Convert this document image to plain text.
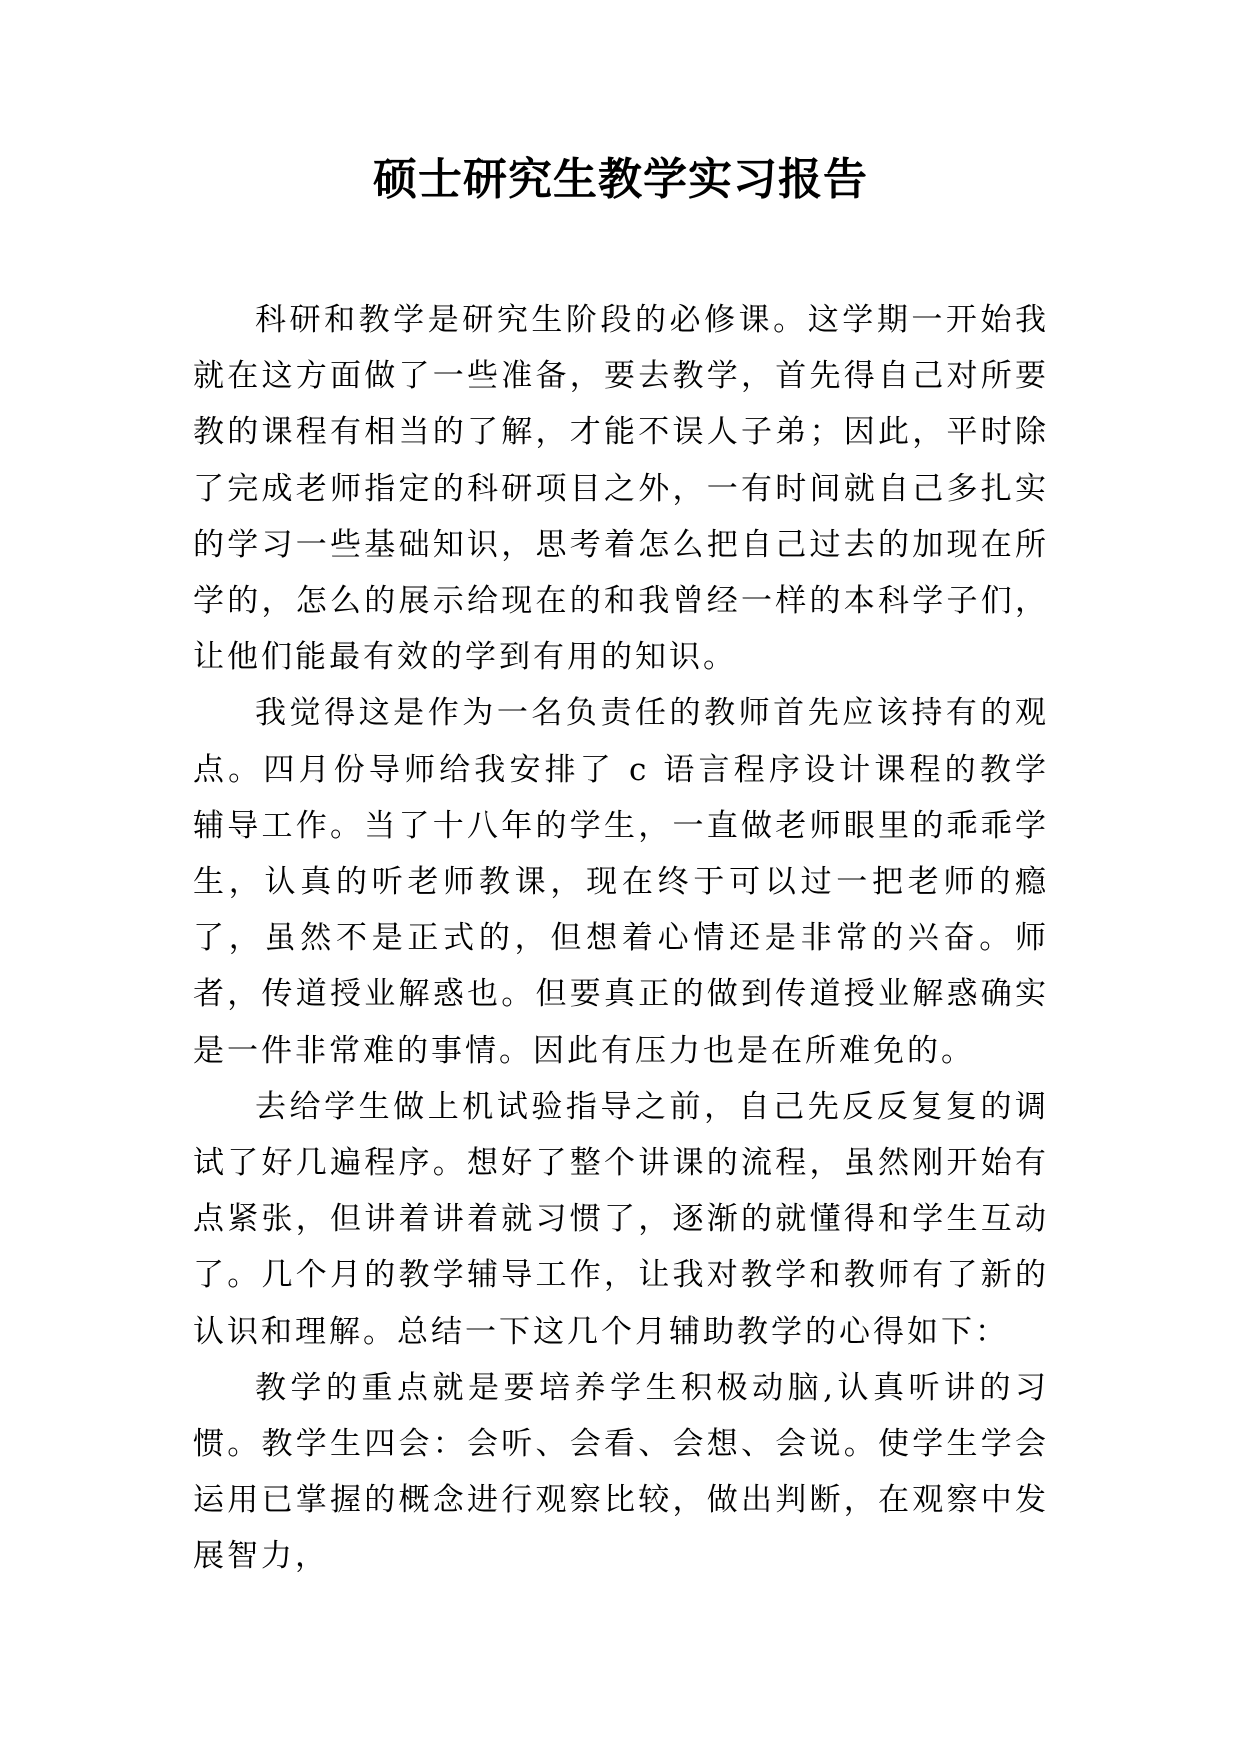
硕士研究生教学实习报告

科研和教学是研究生阶段的必修课。这学期一开始我就在这方面做了一些准备，要去教学，首先得自己对所要教的课程有相当的了解，才能不误人子弟；因此，平时除了完成老师指定的科研项目之外，一有时间就自己多扎实的学习一些基础知识，思考着怎么把自己过去的加现在所学的，怎么的展示给现在的和我曾经一样的本科学子们，让他们能最有效的学到有用的知识。

我觉得这是作为一名负责任的教师首先应该持有的观点。四月份导师给我安排了 c 语言程序设计课程的教学辅导工作。当了十八年的学生，一直做老师眼里的乖乖学生，认真的听老师教课，现在终于可以过一把老师的瘾了，虽然不是正式的，但想着心情还是非常的兴奋。师者，传道授业解惑也。但要真正的做到传道授业解惑确实是一件非常难的事情。因此有压力也是在所难免的。

去给学生做上机试验指导之前，自己先反反复复的调试了好几遍程序。想好了整个讲课的流程，虽然刚开始有点紧张，但讲着讲着就习惯了，逐渐的就懂得和学生互动了。几个月的教学辅导工作，让我对教学和教师有了新的认识和理解。总结一下这几个月辅助教学的心得如下：

教学的重点就是要培养学生积极动脑,认真听讲的习惯。教学生四会：会听、会看、会想、会说。使学生学会运用已掌握的概念进行观察比较，做出判断，在观察中发展智力，
